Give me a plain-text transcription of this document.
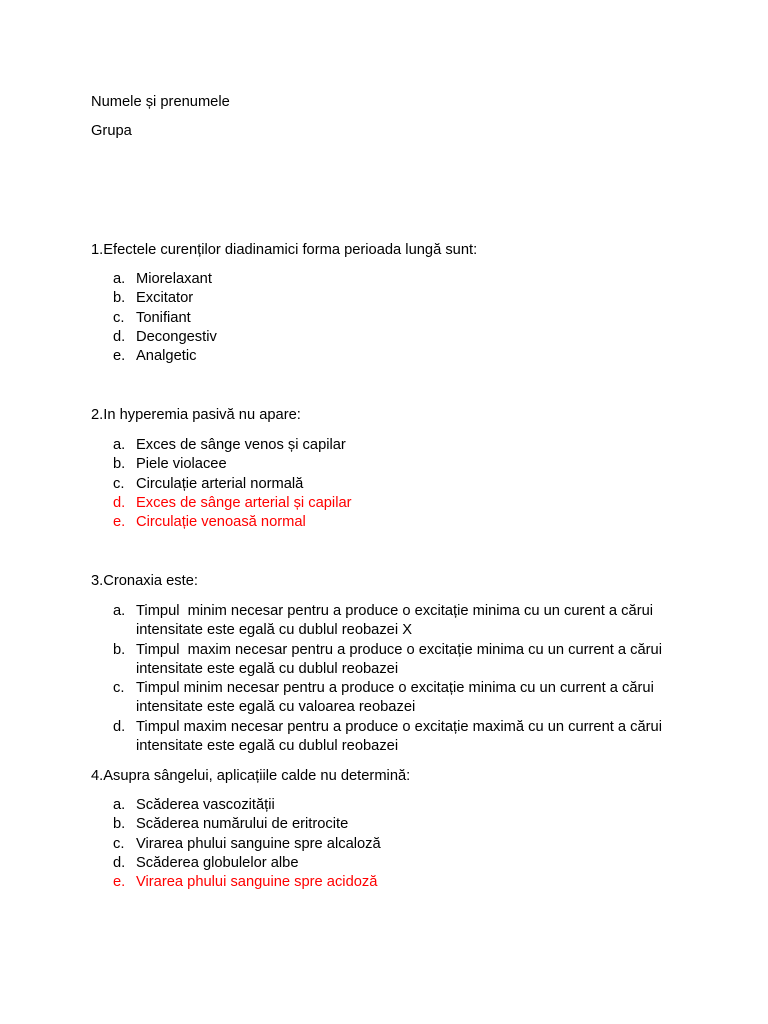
Numele și prenumele
Grupa
1.Efectele curenților diadinamici forma perioada lungă sunt:
a. Miorelaxant
b. Excitator
c. Tonifiant
d. Decongestiv
e. Analgetic
2.In hyperemia pasivă nu apare:
a. Exces de sânge venos și capilar
b. Piele violacee
c. Circulație arterial normală
d. Exces de sânge arterial și capilar
e. Circulație venoasă normal
3.Cronaxia este:
a. Timpul  minim necesar pentru a produce o excitație minima cu un curent a cărui intensitate este egală cu dublul reobazei X
b. Timpul  maxim necesar pentru a produce o excitație minima cu un current a cărui intensitate este egală cu dublul reobazei
c. Timpul minim necesar pentru a produce o excitație minima cu un current a cărui intensitate este egală cu valoarea reobazei
d. Timpul maxim necesar pentru a produce o excitație maximă cu un current a cărui intensitate este egală cu dublul reobazei
4.Asupra sângelui, aplicațiile calde nu determină:
a. Scăderea vascozității
b. Scăderea numărului de eritrocite
c. Virarea phului sanguine spre alcaloză
d. Scăderea globulelor albe
e. Virarea phului sanguine spre acidoză
